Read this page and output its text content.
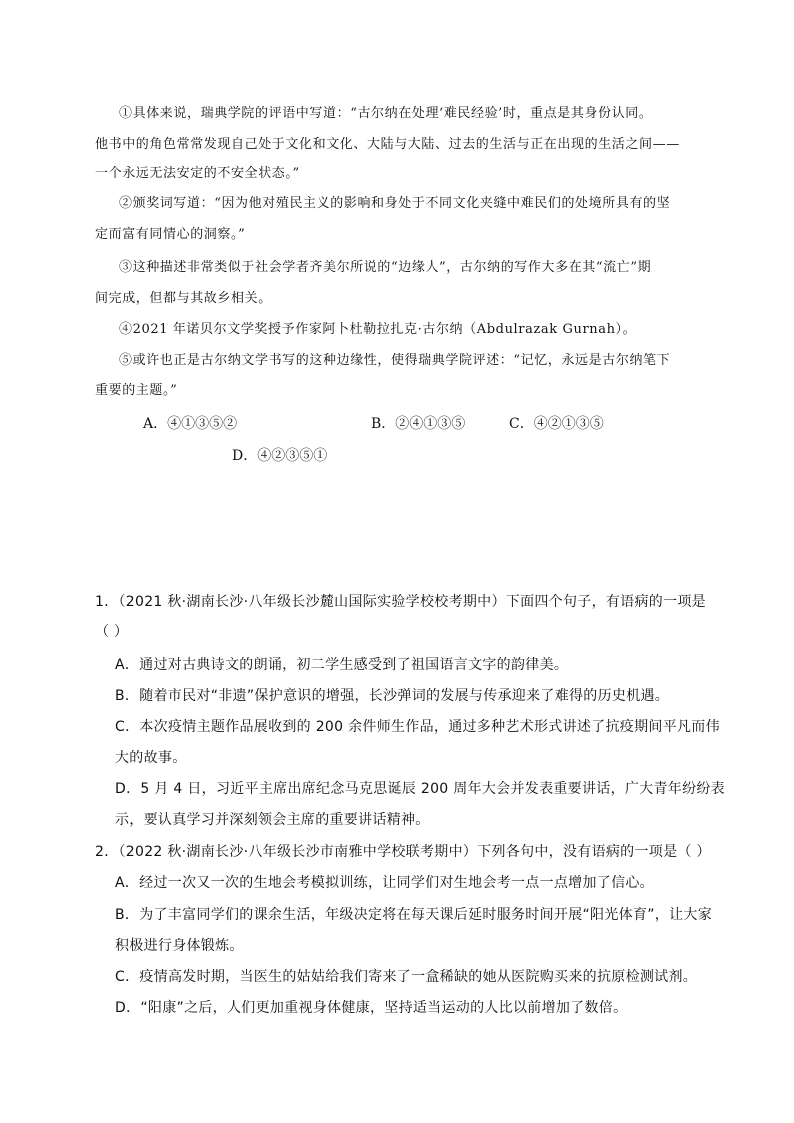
①具体来说，瑞典学院的评语中写道：“古尔纳在处理‘难民经验’时，重点是其身份认同。
他书中的角色常常发现自己处于文化和文化、大陆与大陆、过去的生活与正在出现的生活之间——
一个永远无法安定的不安全状态。”
②颁奖词写道：“因为他对殖民主义的影响和身处于不同文化夹缝中难民们的处境所具有的坚
定而富有同情心的洞察。”
③这种描述非常类似于社会学者齐美尔所说的“边缘人”，古尔纳的写作大多在其“流亡”期
间完成，但都与其故乡相关。
④2021 年诺贝尔文学奖授予作家阿卜杜勒拉扎克·古尔纳（Abdulrazak Gurnah）。
⑤或许也正是古尔纳文学书写的这种边缘性，使得瑞典学院评述：“记忆，永远是古尔纳笔下
重要的主题。”
A．④①③⑤②	B．②④①③⑤	C．④②①③⑤
D．④②③⑤①
1．（2021 秋·湖南长沙·八年级长沙麓山国际实验学校校考期中）下面四个句子，有语病的一项是
（ ）
A．通过对古典诗文的朗诵，初二学生感受到了祖国语言文字的韵律美。
B．随着市民对“非遗”保护意识的增强，长沙弹词的发展与传承迎来了难得的历史机遇。
C．本次疫情主题作品展收到的 200 余件师生作品，通过多种艺术形式讲述了抗疫期间平凡而伟
大的故事。
D．5 月 4 日，习近平主席出席纪念马克思诞辰 200 周年大会并发表重要讲话，广大青年纷纷表
示，要认真学习并深刻领会主席的重要讲话精神。
2．（2022 秋·湖南长沙·八年级长沙市南雅中学校联考期中）下列各句中，没有语病的一项是（ ）
A．经过一次又一次的生地会考模拟训练，让同学们对生地会考一点一点增加了信心。
B．为了丰富同学们的课余生活，年级决定将在每天课后延时服务时间开展“阳光体育”，让大家
积极进行身体锻炼。
C．疫情高发时期，当医生的姑姑给我们寄来了一盒稀缺的她从医院购买来的抗原检测试剂。
D．“阳康”之后，人们更加重视身体健康，坚持适当运动的人比以前增加了数倍。
